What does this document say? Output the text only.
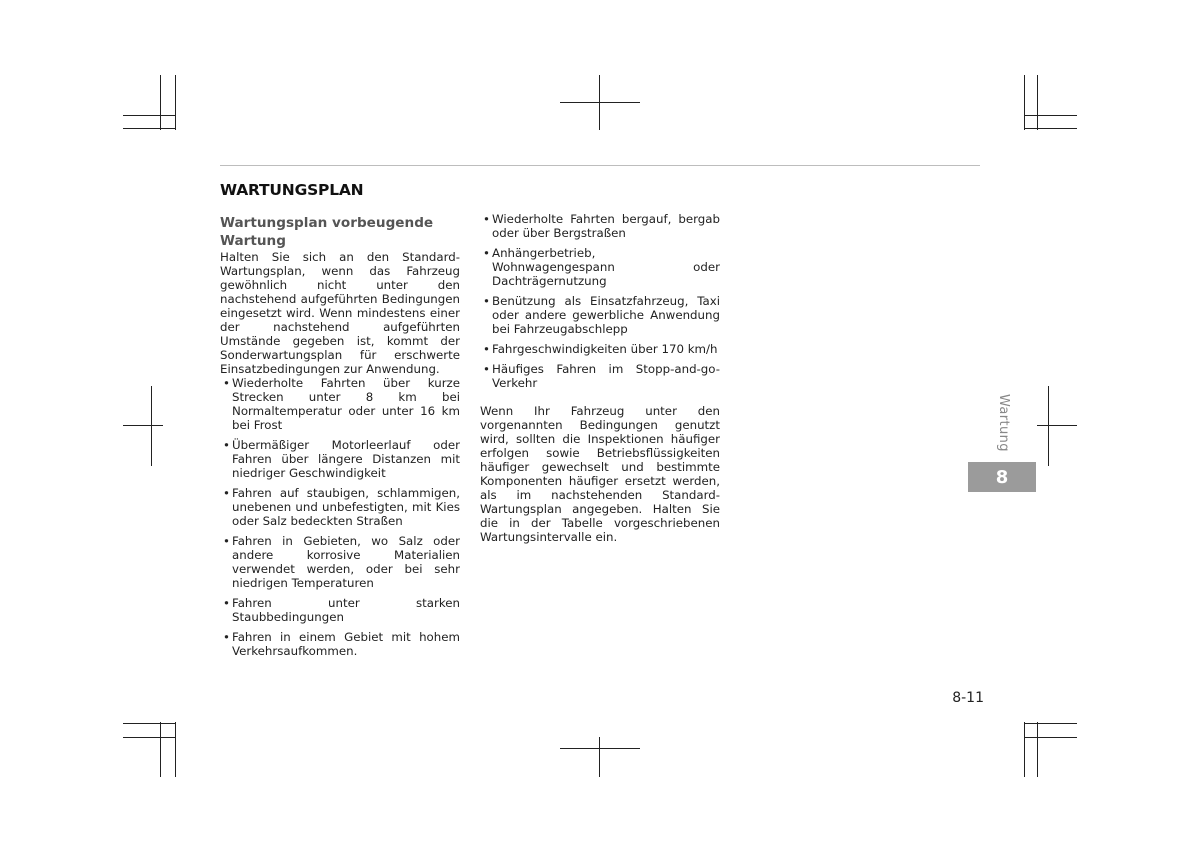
WARTUNGSPLAN
Wartungsplan vorbeugende Wartung

Halten Sie sich an den Standard-Wartungsplan, wenn das Fahrzeug gewöhnlich nicht unter den nachstehend aufgeführten Bedingungen eingesetzt wird. Wenn mindestens einer der nachstehend aufgeführten Umstände gegeben ist, kommt der Sonderwartungsplan für erschwerte Einsatzbedingungen zur Anwendung.

• Wiederholte Fahrten über kurze Strecken unter 8 km bei Normaltemperatur oder unter 16 km bei Frost
• Übermäßiger Motorleerlauf oder Fahren über längere Distanzen mit niedriger Geschwindigkeit
• Fahren auf staubigen, schlammigen, unebenen und unbefestigten, mit Kies oder Salz bedeckten Straßen
• Fahren in Gebieten, wo Salz oder andere korrosive Materialien verwendet werden, oder bei sehr niedrigen Temperaturen
• Fahren unter starken Staubbedingungen
• Fahren in einem Gebiet mit hohem Verkehrsaufkommen.
• Wiederholte Fahrten bergauf, bergab oder über Bergstraßen
• Anhängerbetrieb, Wohnwagengespann oder Dachträgernutzung
• Benützung als Einsatzfahrzeug, Taxi oder andere gewerbliche Anwendung bei Fahrzeugabschlepp
• Fahrgeschwindigkeiten über 170 km/h
• Häufiges Fahren im Stopp-and-go-Verkehr

Wenn Ihr Fahrzeug unter den vorgenannten Bedingungen genutzt wird, sollten die Inspektionen häufiger erfolgen sowie Betriebsflüssigkeiten häufiger gewechselt und bestimmte Komponenten häufiger ersetzt werden, als im nachstehenden Standard-Wartungsplan angegeben. Halten Sie die in der Tabelle vorgeschriebenen Wartungsintervalle ein.

Wartung
8
8-11
